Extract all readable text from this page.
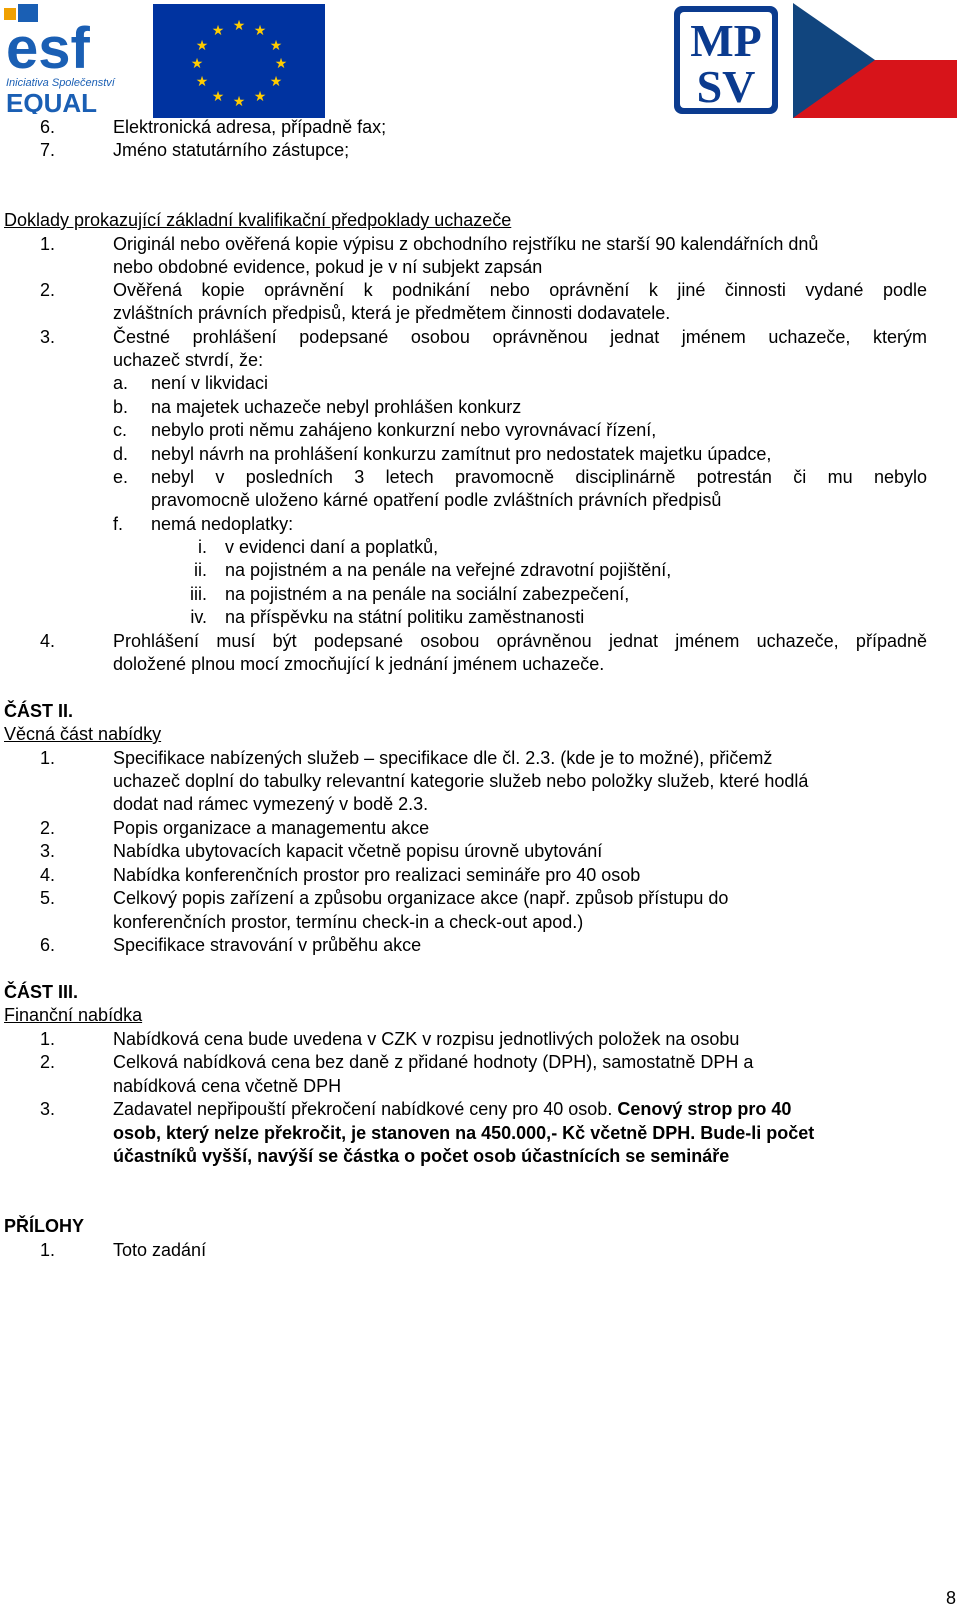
esf
Iniciativa Společenství
EQUAL
★ ★
★
★
★
★
★
★
★
★
★
★	MP
SV
6.	Elektronická adresa, případně fax;
7.	Jméno statutárního zástupce;
Doklady prokazující základní kvalifikační předpoklady uchazeče
1.	Originál nebo ověřená kopie výpisu z obchodního rejstříku ne starší 90 kalendářních dnů
nebo obdobné evidence, pokud je v ní subjekt zapsán
2.	Ověřená kopie oprávnění k podnikání nebo oprávnění k jiné činnosti vydané podle
zvláštních právních předpisů, která je předmětem činnosti dodavatele.
3.	Čestné prohlášení podepsané osobou oprávněnou jednat jménem uchazeče, kterým
uchazeč stvrdí, že:
a. není v likvidaci
b. na majetek uchazeče nebyl prohlášen konkurz
c. nebylo proti němu zahájeno konkurzní nebo vyrovnávací řízení,
d. nebyl návrh na prohlášení konkurzu zamítnut pro nedostatek majetku úpadce,
e. nebyl v posledních 3 letech pravomocně disciplinárně potrestán či mu nebylo
pravomocně uloženo kárné opatření podle zvláštních právních předpisů
f. nemá nedoplatky:
i. v evidenci daní a poplatků,
ii. na pojistném a na penále na veřejné zdravotní pojištění,
iii. na pojistném a na penále na sociální zabezpečení,
iv. na příspěvku na státní politiku zaměstnanosti
4.	Prohlášení musí být podepsané osobou oprávněnou jednat jménem uchazeče, případně
doložené plnou mocí zmocňující k jednání jménem uchazeče.
ČÁST II.
Věcná část nabídky
1.	Specifikace nabízených služeb – specifikace dle čl. 2.3. (kde je to možné), přičemž
uchazeč doplní do tabulky relevantní kategorie služeb nebo položky služeb, které hodlá
dodat nad rámec vymezený v bodě 2.3.
2.	Popis organizace a managementu akce
3.	Nabídka ubytovacích kapacit včetně popisu úrovně ubytování
4.	Nabídka konferenčních prostor pro realizaci semináře pro 40 osob
5.	Celkový popis zařízení a způsobu organizace akce (např. způsob přístupu do
konferenčních prostor, termínu check-in a check-out apod.)
6.	Specifikace stravování v průběhu akce
ČÁST III.
Finanční nabídka
1.	Nabídková cena bude uvedena v CZK v rozpisu jednotlivých položek na osobu
2.	Celková nabídková cena bez daně z přidané hodnoty (DPH), samostatně DPH a
nabídková cena včetně DPH
3.	Zadavatel nepřipouští překročení nabídkové ceny pro 40 osob. Cenový strop pro 40
osob, který nelze překročit, je stanoven na 450.000,- Kč včetně DPH. Bude-li počet
účastníků vyšší, navýší se částka o počet osob účastnících se semináře
PŘÍLOHY
1.	Toto zadání
8
